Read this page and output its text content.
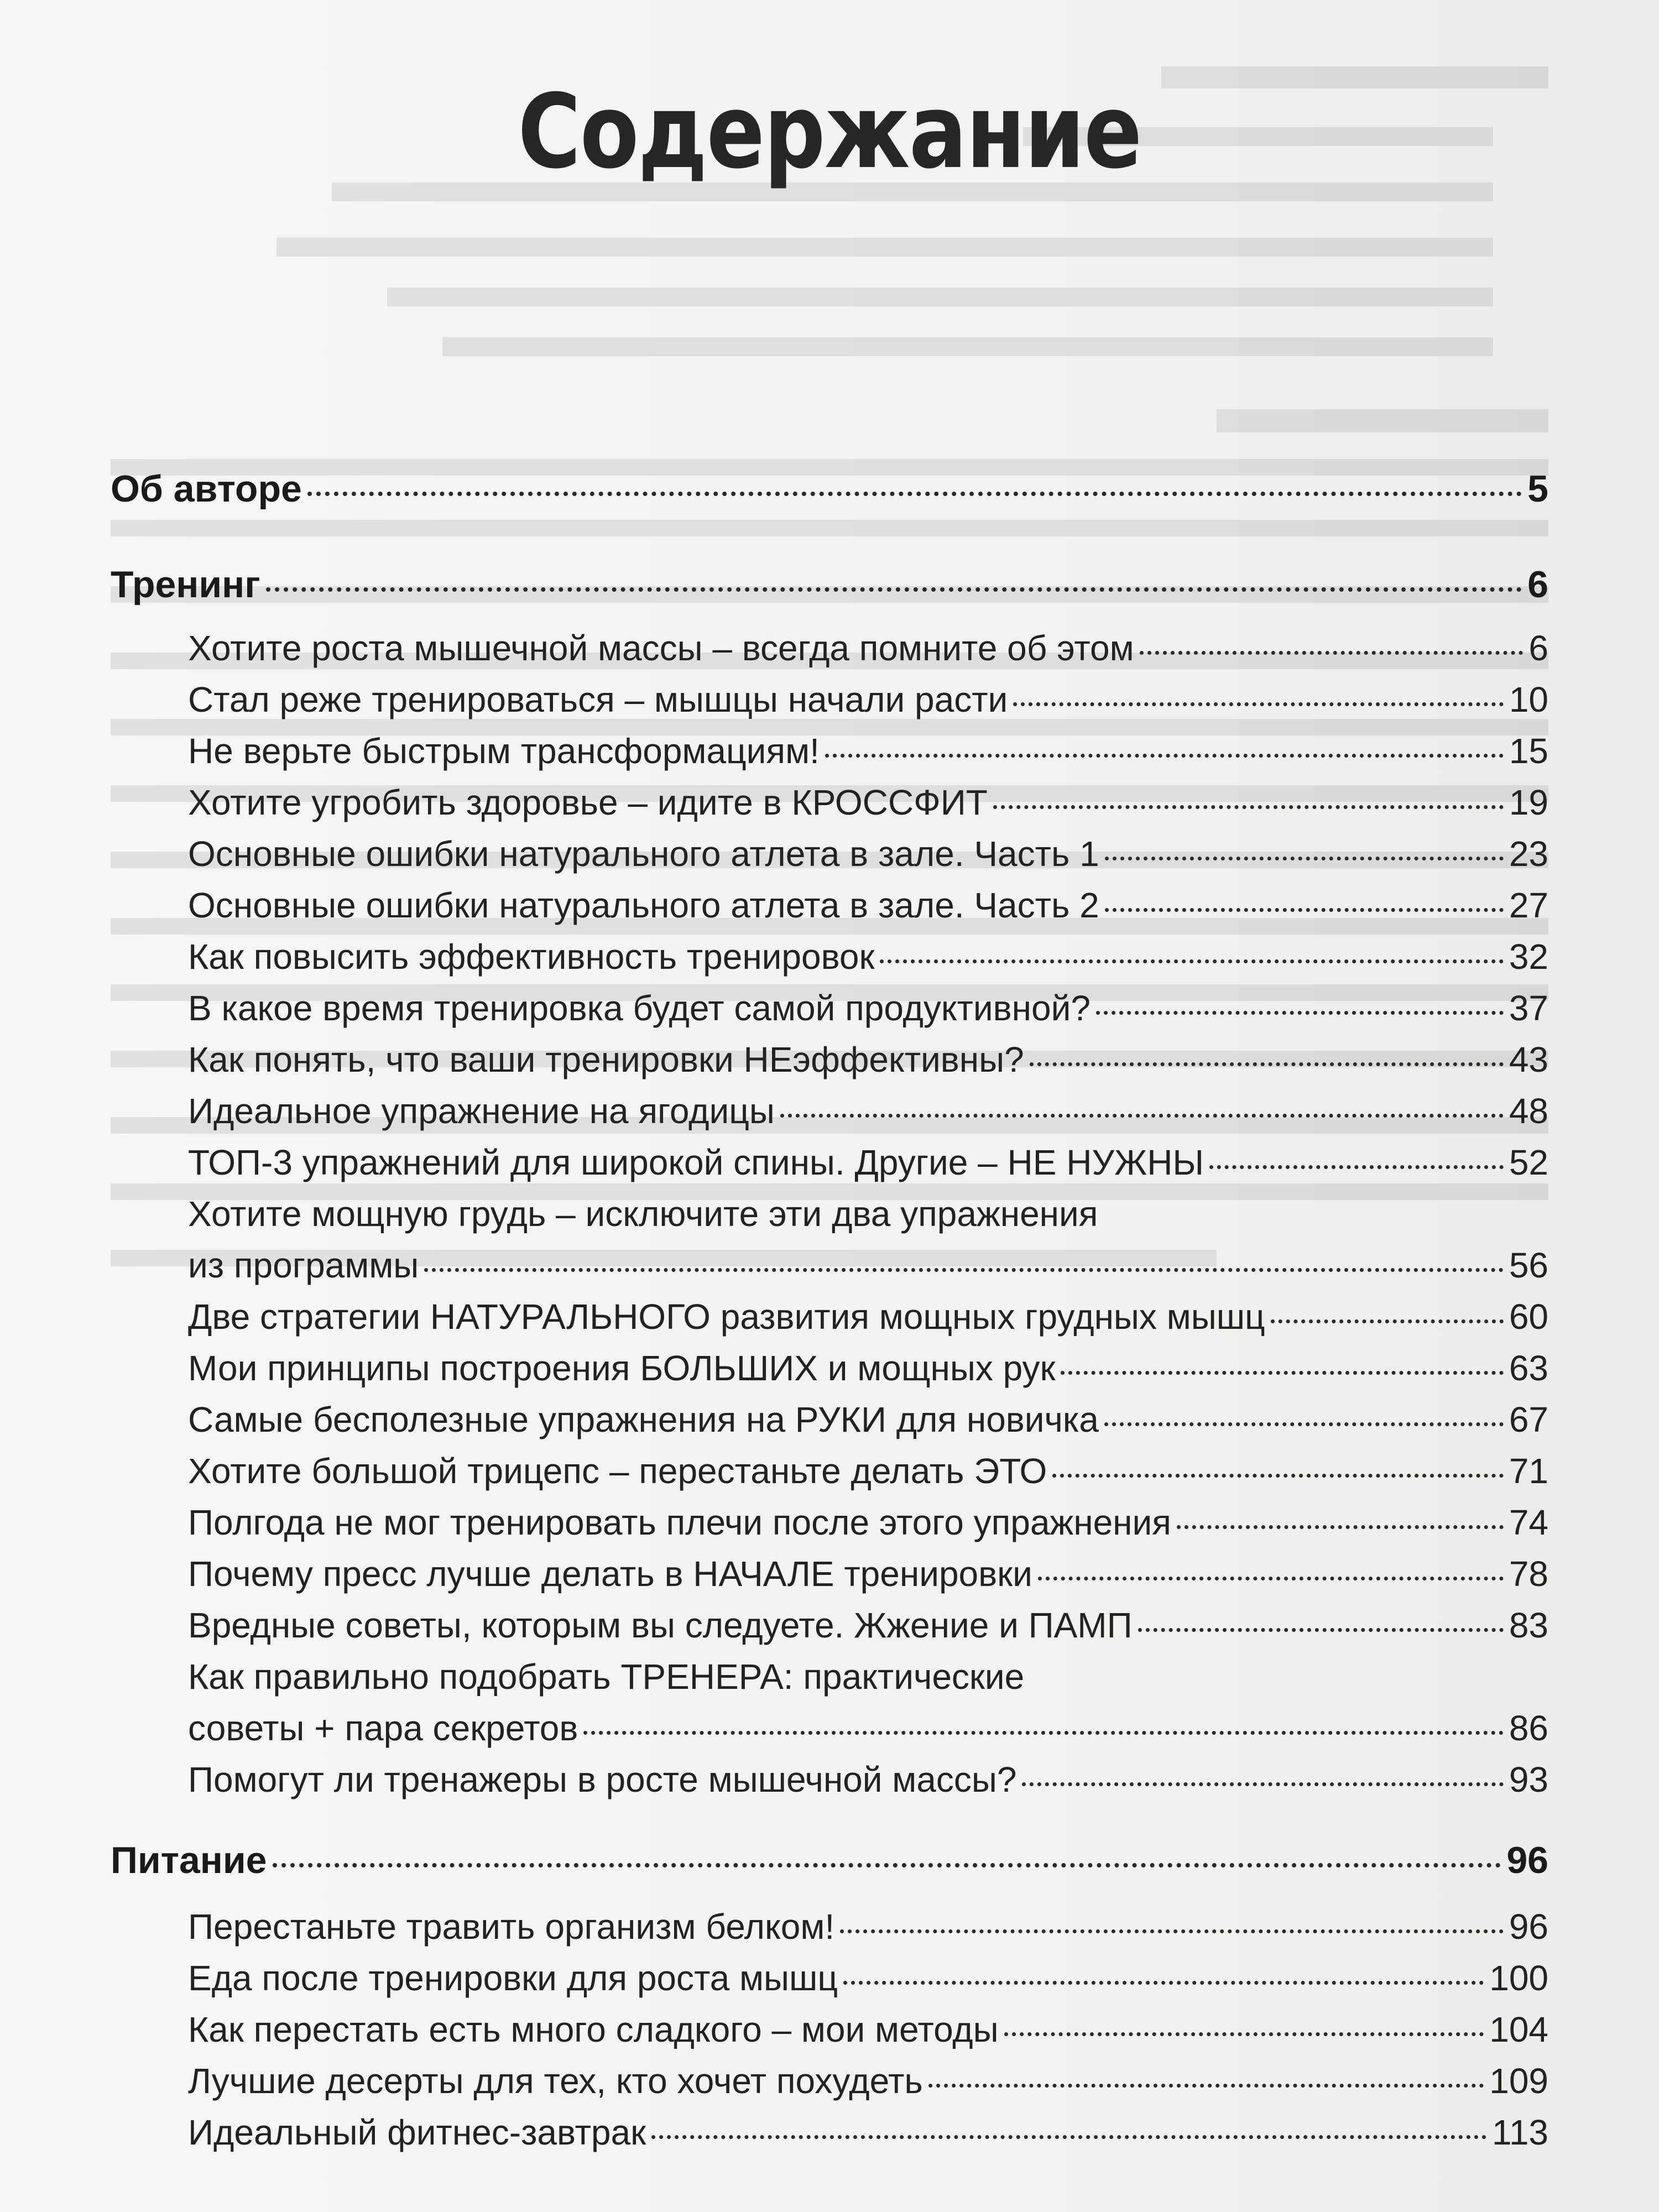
Содержание
Об авторе	5
Тренинг	6
Хотите роста мышечной массы – всегда помните об этом	6
Стал реже тренироваться – мышцы начали расти	10
Не верьте быстрым трансформациям!	15
Хотите угробить здоровье – идите в КРОССФИТ	19
Основные ошибки натурального атлета в зале. Часть 1	23
Основные ошибки натурального атлета в зале. Часть 2	27
Как повысить эффективность тренировок	32
В какое время тренировка будет самой продуктивной?	37
Как понять, что ваши тренировки НЕэффективны?	43
Идеальное упражнение на ягодицы	48
ТОП-3 упражнений для широкой спины. Другие – НЕ НУЖНЫ	52
Хотите мощную грудь – исключите эти два упражнения
из программы	56
Две стратегии НАТУРАЛЬНОГО развития мощных грудных мышц	60
Мои принципы построения БОЛЬШИХ и мощных рук	63
Самые бесполезные упражнения на РУКИ для новичка	67
Хотите большой трицепс – перестаньте делать ЭТО	71
Полгода не мог тренировать плечи после этого упражнения	74
Почему пресс лучше делать в НАЧАЛЕ тренировки	78
Вредные советы, которым вы следуете. Жжение и ПАМП	83
Как правильно подобрать ТРЕНЕРА: практические
советы + пара секретов	86
Помогут ли тренажеры в росте мышечной массы?	93
Питание	96
Перестаньте травить организм белком!	96
Еда после тренировки для роста мышц	100
Как перестать есть много сладкого – мои методы	104
Лучшие десерты для тех, кто хочет похудеть	109
Идеальный фитнес-завтрак	113
